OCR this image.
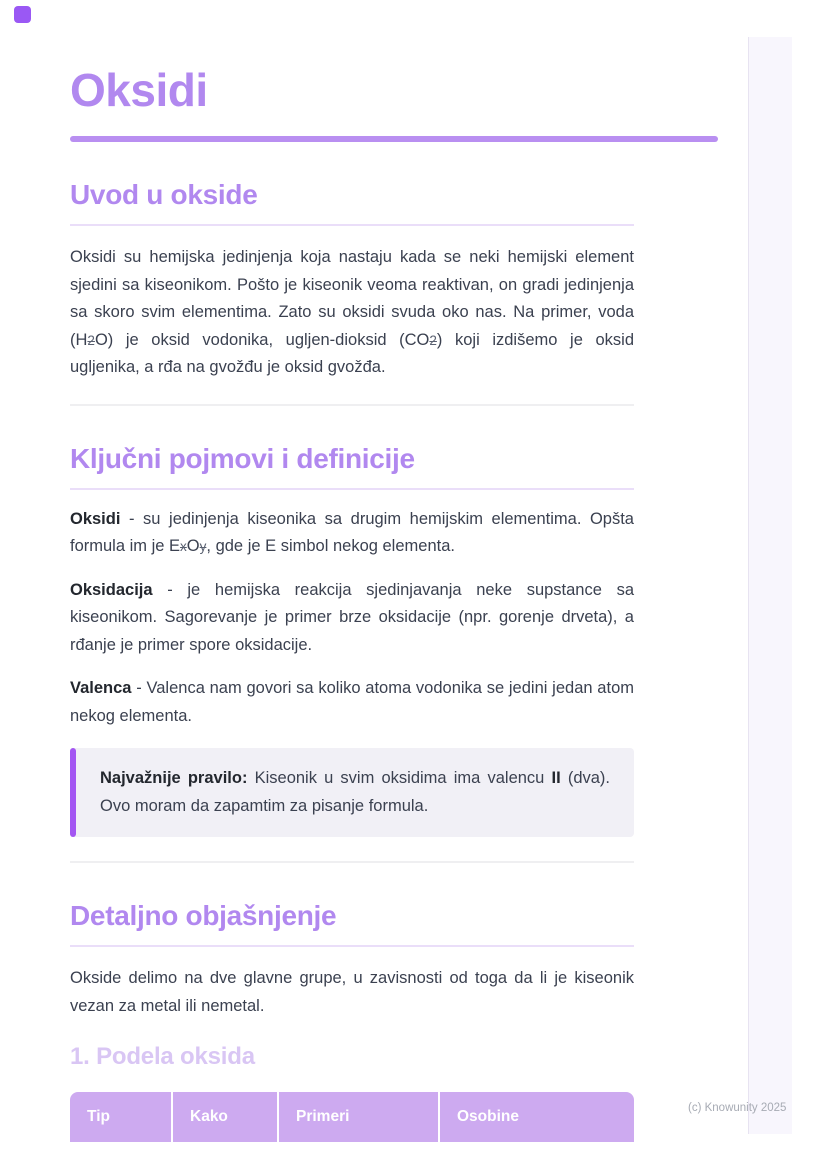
Oksidi
Uvod u okside

Oksidi su hemijska jedinjenja koja nastaju kada se neki hemijski element sjedini sa kiseonikom. Pošto je kiseonik veoma reaktivan, on gradi jedinjenja sa skoro svim elementima. Zato su oksidi svuda oko nas. Na primer, voda (H2O) je oksid vodonika, ugljen-dioksid (CO2) koji izdišemo je oksid ugljenika, a rđa na gvožđu je oksid gvožđa.

Ključni pojmovi i definicije

Oksidi - su jedinjenja kiseonika sa drugim hemijskim elementima. Opšta formula im je ExOy, gde je E simbol nekog elementa.

Oksidacija - je hemijska reakcija sjedinjavanja neke supstance sa kiseonikom. Sagorevanje je primer brze oksidacije (npr. gorenje drveta), a rđanje je primer spore oksidacije.

Valenca - Valenca nam govori sa koliko atoma vodonika se jedini jedan atom nekog elementa.

Najvažnije pravilo: Kiseonik u svim oksidima ima valencu II (dva). Ovo moram da zapamtim za pisanje formula.

Detaljno objašnjenje

Okside delimo na dve glavne grupe, u zavisnosti od toga da li je kiseonik vezan za metal ili nemetal.

1. Podela oksida
Tip	Kako	Primeri	Osobine	(c) Knowunity 2025
